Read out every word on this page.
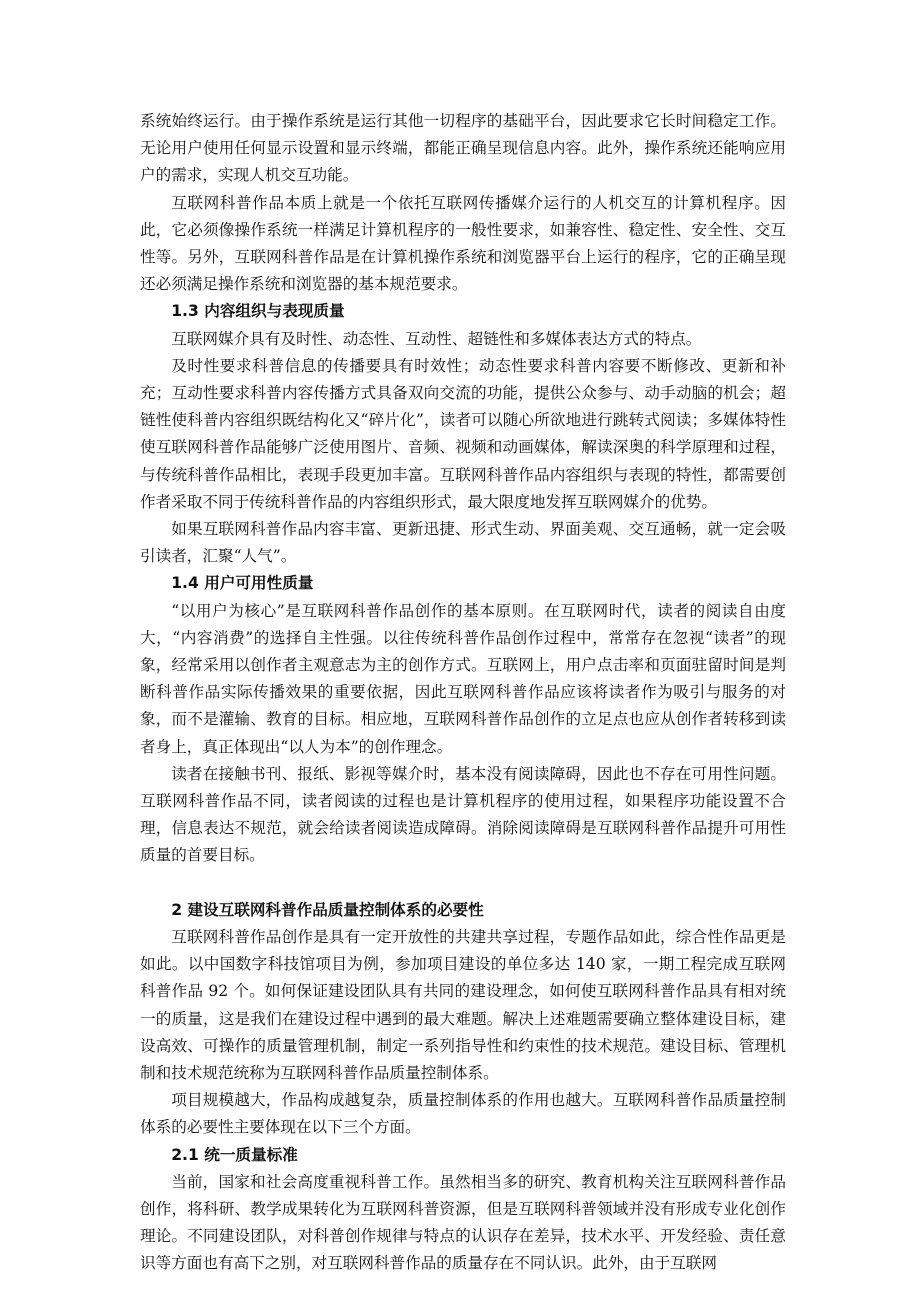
系统始终运行。由于操作系统是运行其他一切程序的基础平台，因此要求它长时间稳定工作。无论用户使用任何显示设置和显示终端，都能正确呈现信息内容。此外，操作系统还能响应用户的需求，实现人机交互功能。

互联网科普作品本质上就是一个依托互联网传播媒介运行的人机交互的计算机程序。因此，它必须像操作系统一样满足计算机程序的一般性要求，如兼容性、稳定性、安全性、交互性等。另外，互联网科普作品是在计算机操作系统和浏览器平台上运行的程序，它的正确呈现还必须满足操作系统和浏览器的基本规范要求。

1.3 内容组织与表现质量

互联网媒介具有及时性、动态性、互动性、超链性和多媒体表达方式的特点。

及时性要求科普信息的传播要具有时效性；动态性要求科普内容要不断修改、更新和补充；互动性要求科普内容传播方式具备双向交流的功能，提供公众参与、动手动脑的机会；超链性使科普内容组织既结构化又“碎片化”，读者可以随心所欲地进行跳转式阅读；多媒体特性使互联网科普作品能够广泛使用图片、音频、视频和动画媒体，解读深奥的科学原理和过程，与传统科普作品相比，表现手段更加丰富。互联网科普作品内容组织与表现的特性，都需要创作者采取不同于传统科普作品的内容组织形式，最大限度地发挥互联网媒介的优势。

如果互联网科普作品内容丰富、更新迅捷、形式生动、界面美观、交互通畅，就一定会吸引读者，汇聚“人气”。

1.4 用户可用性质量

“以用户为核心”是互联网科普作品创作的基本原则。在互联网时代，读者的阅读自由度大，“内容消费”的选择自主性强。以往传统科普作品创作过程中，常常存在忽视“读者”的现象，经常采用以创作者主观意志为主的创作方式。互联网上，用户点击率和页面驻留时间是判断科普作品实际传播效果的重要依据，因此互联网科普作品应该将读者作为吸引与服务的对象，而不是灌输、教育的目标。相应地，互联网科普作品创作的立足点也应从创作者转移到读者身上，真正体现出“以人为本”的创作理念。

读者在接触书刊、报纸、影视等媒介时，基本没有阅读障碍，因此也不存在可用性问题。互联网科普作品不同，读者阅读的过程也是计算机程序的使用过程，如果程序功能设置不合理，信息表达不规范，就会给读者阅读造成障碍。消除阅读障碍是互联网科普作品提升可用性质量的首要目标。

2 建设互联网科普作品质量控制体系的必要性

互联网科普作品创作是具有一定开放性的共建共享过程，专题作品如此，综合性作品更是如此。以中国数字科技馆项目为例，参加项目建设的单位多达 140 家，一期工程完成互联网科普作品 92 个。如何保证建设团队具有共同的建设理念，如何使互联网科普作品具有相对统一的质量，这是我们在建设过程中遇到的最大难题。解决上述难题需要确立整体建设目标，建设高效、可操作的质量管理机制，制定一系列指导性和约束性的技术规范。建设目标、管理机制和技术规范统称为互联网科普作品质量控制体系。

项目规模越大，作品构成越复杂，质量控制体系的作用也越大。互联网科普作品质量控制体系的必要性主要体现在以下三个方面。

2.1 统一质量标准

当前，国家和社会高度重视科普工作。虽然相当多的研究、教育机构关注互联网科普作品创作，将科研、教学成果转化为互联网科普资源，但是互联网科普领域并没有形成专业化创作理论。不同建设团队，对科普创作规律与特点的认识存在差异，技术水平、开发经验、责任意识等方面也有高下之别，对互联网科普作品的质量存在不同认识。此外，由于互联网
